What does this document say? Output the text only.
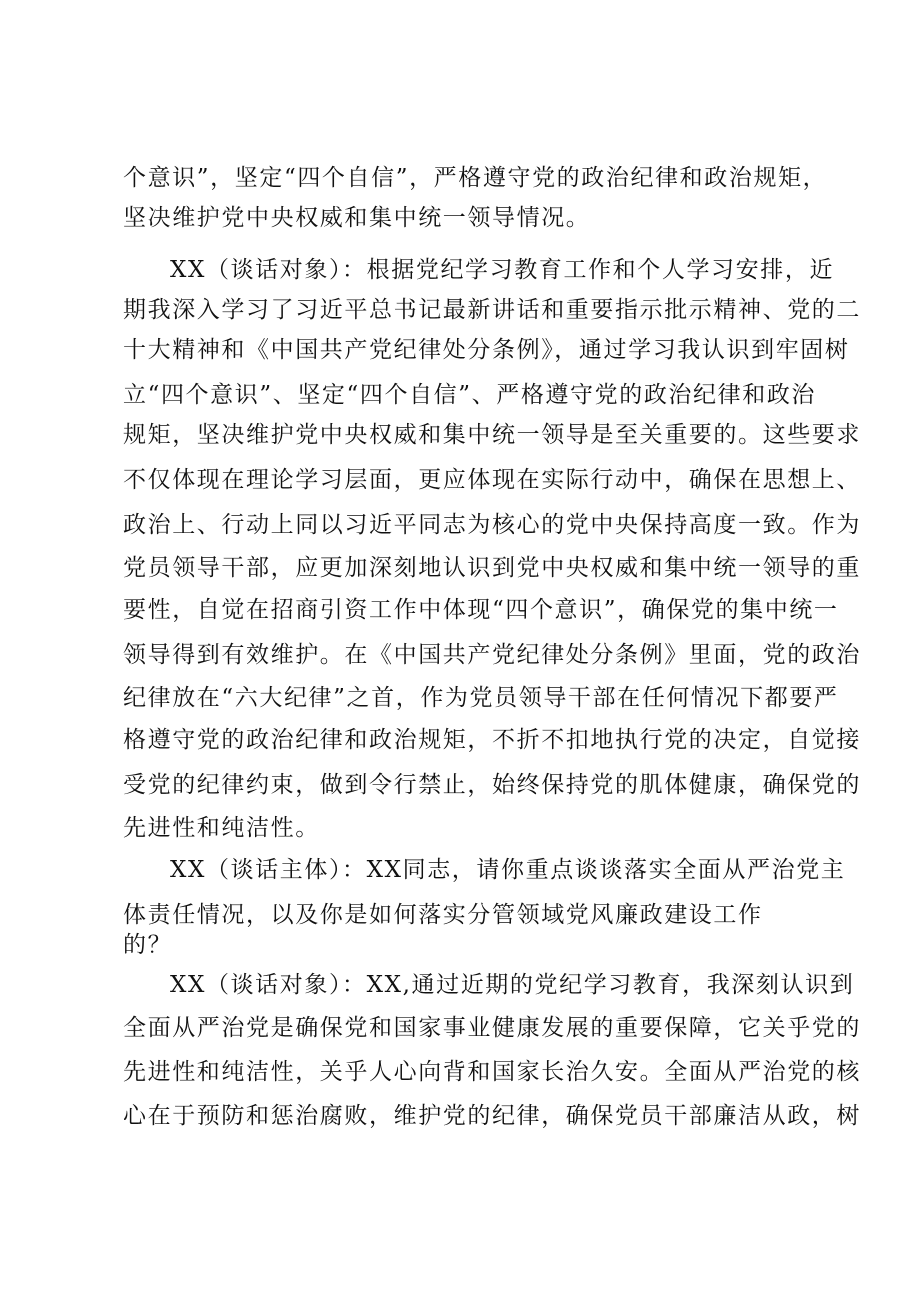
个意识”，坚定“四个自信”，严格遵守党的政治纪律和政治规矩，
坚决维护党中央权威和集中统一领导情况。
XX（谈话对象）：根据党纪学习教育工作和个人学习安排，近
期我深入学习了习近平总书记最新讲话和重要指示批示精神、党的二
十大精神和《中国共产党纪律处分条例》，通过学习我认识到牢固树
立“四个意识”、坚定“四个自信”、严格遵守党的政治纪律和政治
规矩，坚决维护党中央权威和集中统一领导是至关重要的。这些要求
不仅体现在理论学习层面，更应体现在实际行动中，确保在思想上、
政治上、行动上同以习近平同志为核心的党中央保持高度一致。作为
党员领导干部，应更加深刻地认识到党中央权威和集中统一领导的重
要性，自觉在招商引资工作中体现“四个意识”，确保党的集中统一
领导得到有效维护。在《中国共产党纪律处分条例》里面，党的政治
纪律放在“六大纪律”之首，作为党员领导干部在任何情况下都要严
格遵守党的政治纪律和政治规矩，不折不扣地执行党的决定，自觉接
受党的纪律约束，做到令行禁止，始终保持党的肌体健康，确保党的
先进性和纯洁性。
XX（谈话主体）：XX同志，请你重点谈谈落实全面从严治党主
体责任情况，以及你是如何落实分管领域党风廉政建设工作
的？
XX（谈话对象）：XX,通过近期的党纪学习教育，我深刻认识到
全面从严治党是确保党和国家事业健康发展的重要保障，它关乎党的
先进性和纯洁性，关乎人心向背和国家长治久安。全面从严治党的核
心在于预防和惩治腐败，维护党的纪律，确保党员干部廉洁从政，树
